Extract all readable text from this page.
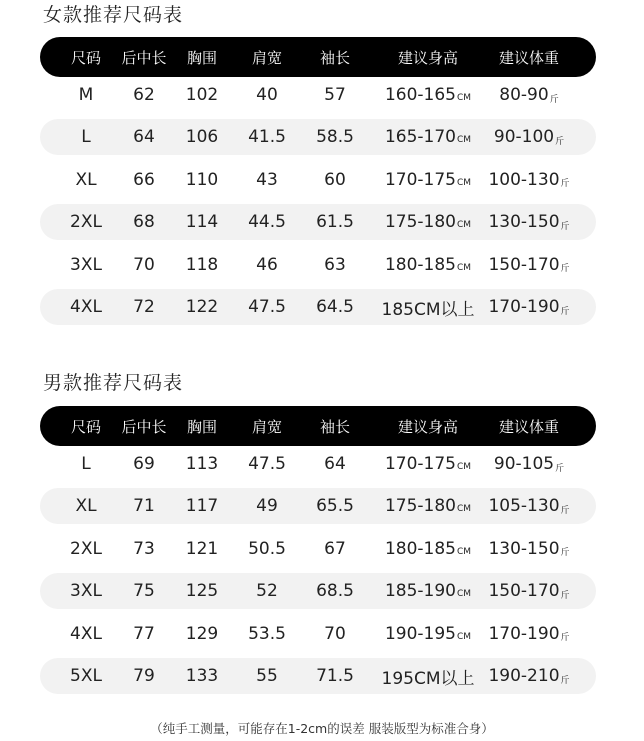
女款推荐尺码表
尺码 后中长 胸围 肩宽	袖长	建议身高	建议体重
M 62 102 40	57 160-165 CM 80-90 斤
L 64 106 41.5 58.5 165-170 CM 90-100 斤
XL 66 110 43	60 170-175 CM 100-130 斤
2XL 68 114 44.5 61.5 175-180 CM 130-150 斤
3XL 70 118 46	63 180-185 CM 150-170 斤
4XL 72 122 47.5 64.5 185CM以上 170-190 斤
男款推荐尺码表
尺码 后中长 胸围 肩宽	袖长	建议身高	建议体重
L 69 113 47.5 64 170-175 CM 90-105 斤
XL 71 117 49 65.5 175-180 CM 105-130 斤
2XL 73 121 50.5 67 180-185 CM 130-150 斤
3XL 75 125 52 68.5 185-190 CM 150-170 斤
4XL 77 129 53.5 70 190-195 CM 170-190 斤
5XL 79 133 55 71.5 195CM以上 190-210 斤
（纯手工测量，可能存在1-2cm的误差 服装版型为标准合身）
